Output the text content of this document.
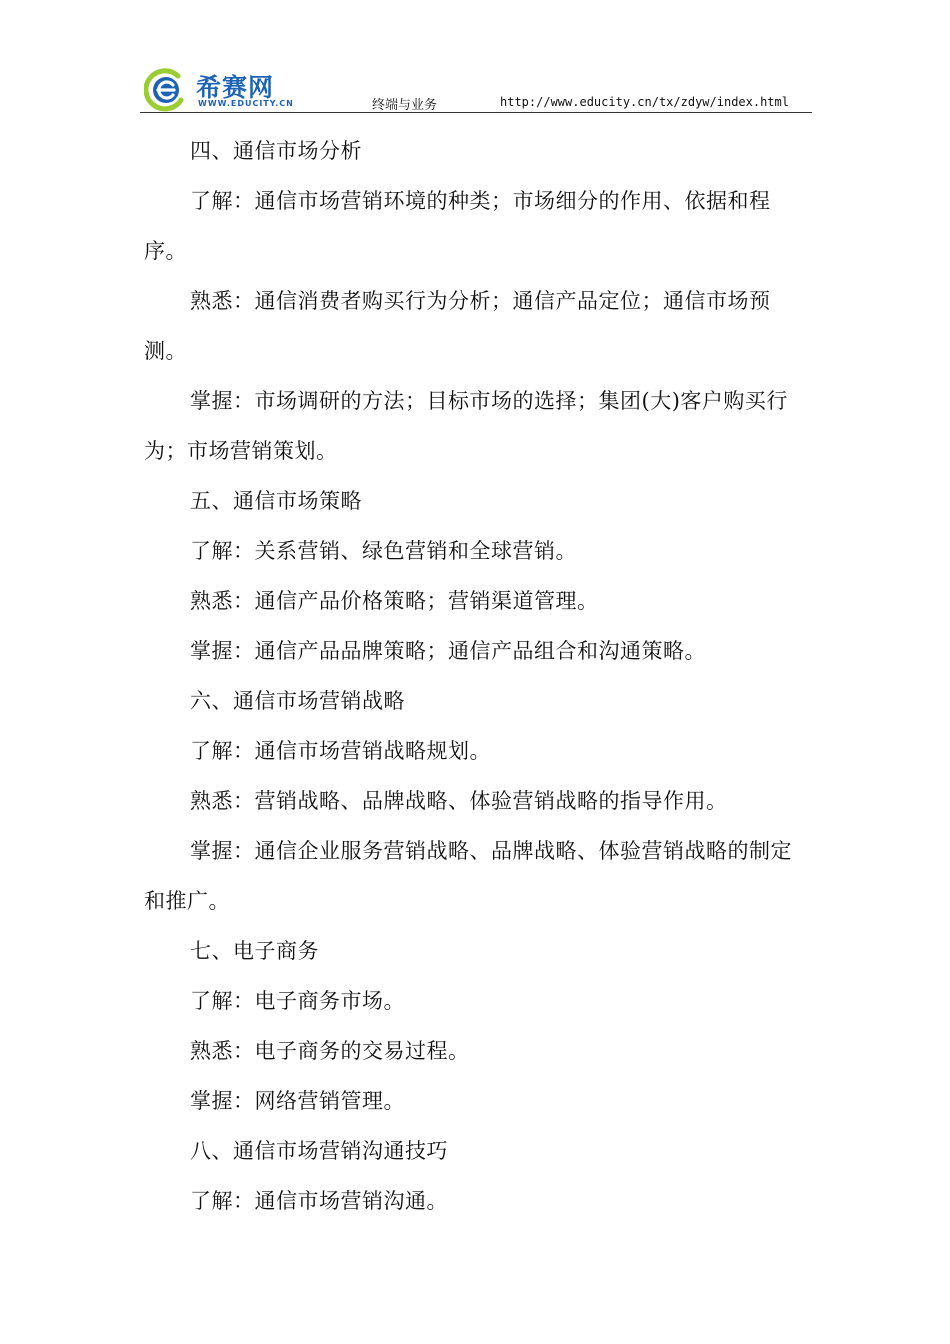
希赛网
WWW.EDUCITY.CN	终端与业务	http://www.educity.cn/tx/zdyw/index.html

四、通信市场分析

了解：通信市场营销环境的种类；市场细分的作用、依据和程序。

熟悉：通信消费者购买行为分析；通信产品定位；通信市场预测。

掌握：市场调研的方法；目标市场的选择；集团(大)客户购买行为；市场营销策划。

五、通信市场策略

了解：关系营销、绿色营销和全球营销。

熟悉：通信产品价格策略；营销渠道管理。

掌握：通信产品品牌策略；通信产品组合和沟通策略。

六、通信市场营销战略

了解：通信市场营销战略规划。

熟悉：营销战略、品牌战略、体验营销战略的指导作用。

掌握：通信企业服务营销战略、品牌战略、体验营销战略的制定和推广。

七、电子商务

了解：电子商务市场。

熟悉：电子商务的交易过程。

掌握：网络营销管理。

八、通信市场营销沟通技巧

了解：通信市场营销沟通。
